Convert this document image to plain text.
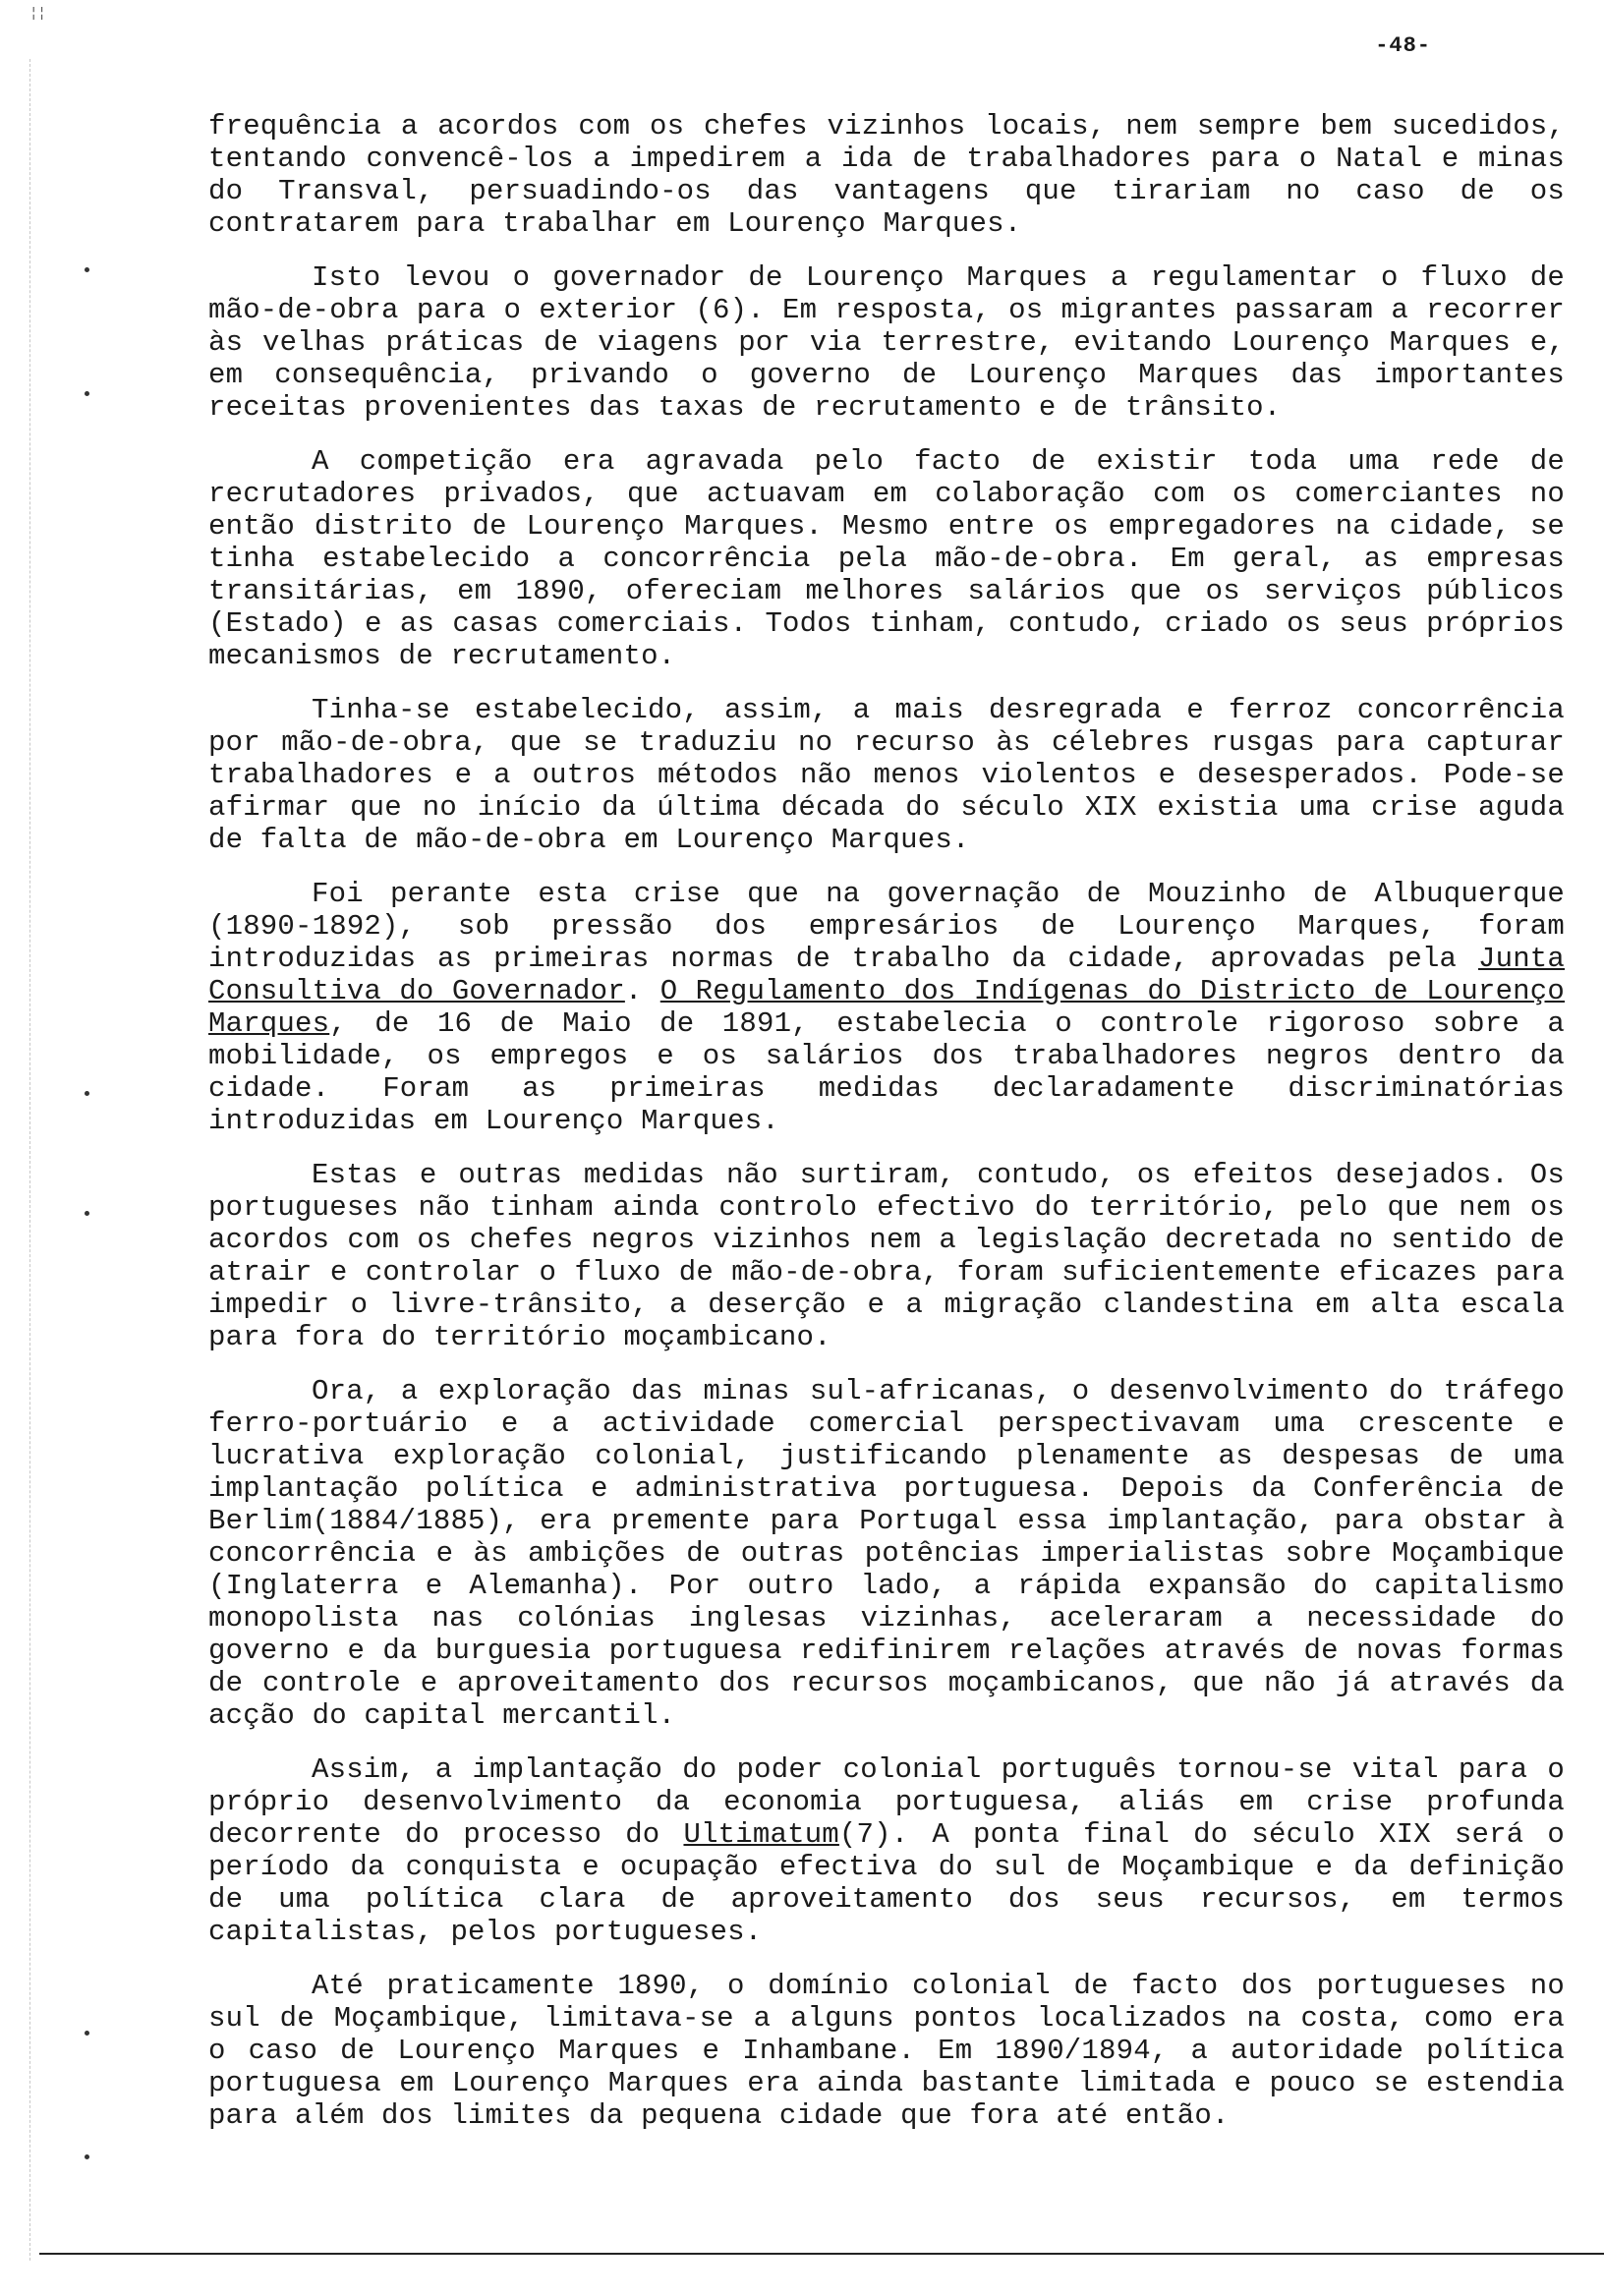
¦¦
-48-

frequência a acordos com os chefes vizinhos locais, nem sempre bem sucedidos, tentando convencê-los a impedirem a ida de trabalhadores para o Natal e minas do Transval, persuadindo-os das vantagens que tirariam no caso de os contratarem para trabalhar em Lourenço Marques.

Isto levou o governador de Lourenço Marques a regulamentar o fluxo de mão-de-obra para o exterior (6). Em resposta, os migrantes passaram a recorrer às velhas práticas de viagens por via terrestre, evitando Lourenço Marques e, em consequência, privando o governo de Lourenço Marques das importantes receitas provenientes das taxas de recrutamento e de trânsito.

A competição era agravada pelo facto de existir toda uma rede de recrutadores privados, que actuavam em colaboração com os comerciantes no então distrito de Lourenço Marques. Mesmo entre os empregadores na cidade, se tinha estabelecido a concorrência pela mão-de-obra. Em geral, as empresas transitárias, em 1890, ofereciam melhores salários que os serviços públicos (Estado) e as casas comerciais. Todos tinham, contudo, criado os seus próprios mecanismos de recrutamento.

Tinha-se estabelecido, assim, a mais desregrada e ferroz concorrência por mão-de-obra, que se traduziu no recurso às célebres rusgas para capturar trabalhadores e a outros métodos não menos violentos e desesperados. Pode-se afirmar que no início da última década do século XIX existia uma crise aguda de falta de mão-de-obra em Lourenço Marques.

Foi perante esta crise que na governação de Mouzinho de Albuquerque (1890-1892), sob pressão dos empresários de Lourenço Marques, foram introduzidas as primeiras normas de trabalho da cidade, aprovadas pela Junta Consultiva do Governador. O Regulamento dos Indígenas do Districto de Lourenço Marques, de 16 de Maio de 1891, estabelecia o controle rigoroso sobre a mobilidade, os empregos e os salários dos trabalhadores negros dentro da cidade. Foram as primeiras medidas declaradamente discriminatórias introduzidas em Lourenço Marques.

Estas e outras medidas não surtiram, contudo, os efeitos desejados. Os portugueses não tinham ainda controlo efectivo do território, pelo que nem os acordos com os chefes negros vizinhos nem a legislação decretada no sentido de atrair e controlar o fluxo de mão-de-obra, foram suficientemente eficazes para impedir o livre-trânsito, a deserção e a migração clandestina em alta escala para fora do território moçambicano.

Ora, a exploração das minas sul-africanas, o desenvolvimento do tráfego ferro-portuário e a actividade comercial perspectivavam uma crescente e lucrativa exploração colonial, justificando plenamente as despesas de uma implantação política e administrativa portuguesa. Depois da Conferência de Berlim(1884/1885), era premente para Portugal essa implantação, para obstar à concorrência e às ambições de outras potências imperialistas sobre Moçambique (Inglaterra e Alemanha). Por outro lado, a rápida expansão do capitalismo monopolista nas colónias inglesas vizinhas, aceleraram a necessidade do governo e da burguesia portuguesa redifinirem relações através de novas formas de controle e aproveitamento dos recursos moçambicanos, que não já através da acção do capital mercantil.

Assim, a implantação do poder colonial português tornou-se vital para o próprio desenvolvimento da economia portuguesa, aliás em crise profunda decorrente do processo do Ultimatum(7). A ponta final do século XIX será o período da conquista e ocupação efectiva do sul de Moçambique e da definição de uma política clara de aproveitamento dos seus recursos, em termos capitalistas, pelos portugueses.

Até praticamente 1890, o domínio colonial de facto dos portugueses no sul de Moçambique, limitava-se a alguns pontos localizados na costa, como era o caso de Lourenço Marques e Inhambane. Em 1890/1894, a autoridade política portuguesa em Lourenço Marques era ainda bastante limitada e pouco se estendia para além dos limites da pequena cidade que fora até então.
